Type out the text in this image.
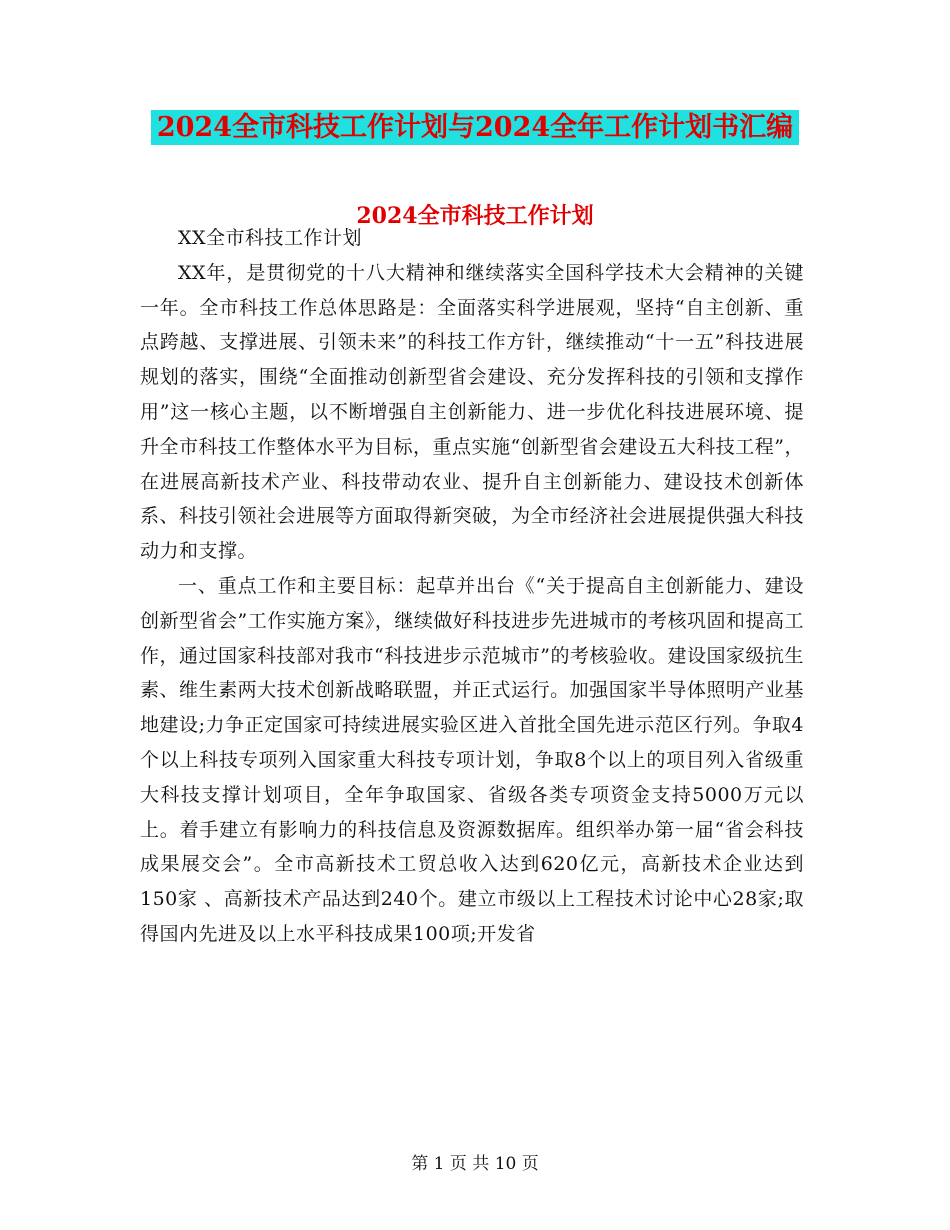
2024全市科技工作计划与2024全年工作计划书汇编
2024全市科技工作计划

XX全市科技工作计划

XX年，是贯彻党的十八大精神和继续落实全国科学技术大会精神的关键一年。全市科技工作总体思路是：全面落实科学进展观，坚持“自主创新、重点跨越、支撑进展、引领未来”的科技工作方针，继续推动“十一五”科技进展规划的落实，围绕“全面推动创新型省会建设、充分发挥科技的引领和支撑作用”这一核心主题，以不断增强自主创新能力、进一步优化科技进展环境、提升全市科技工作整体水平为目标，重点实施“创新型省会建设五大科技工程”，在进展高新技术产业、科技带动农业、提升自主创新能力、建设技术创新体系、科技引领社会进展等方面取得新突破，为全市经济社会进展提供强大科技动力和支撑。

一、重点工作和主要目标：起草并出台《“关于提高自主创新能力、建设创新型省会”工作实施方案》，继续做好科技进步先进城市的考核巩固和提高工作，通过国家科技部对我市“科技进步示范城市”的考核验收。建设国家级抗生素、维生素两大技术创新战略联盟，并正式运行。加强国家半导体照明产业基地建设;力争正定国家可持续进展实验区进入首批全国先进示范区行列。争取4个以上科技专项列入国家重大科技专项计划，争取8个以上的项目列入省级重大科技支撑计划项目，全年争取国家、省级各类专项资金支持5000万元以上。着手建立有影响力的科技信息及资源数据库。组织举办第一届“省会科技成果展交会”。全市高新技术工贸总收入达到620亿元，高新技术企业达到150家 、高新技术产品达到240个。建立市级以上工程技术讨论中心28家;取得国内先进及以上水平科技成果100项;开发省

第 1 页 共 10 页
